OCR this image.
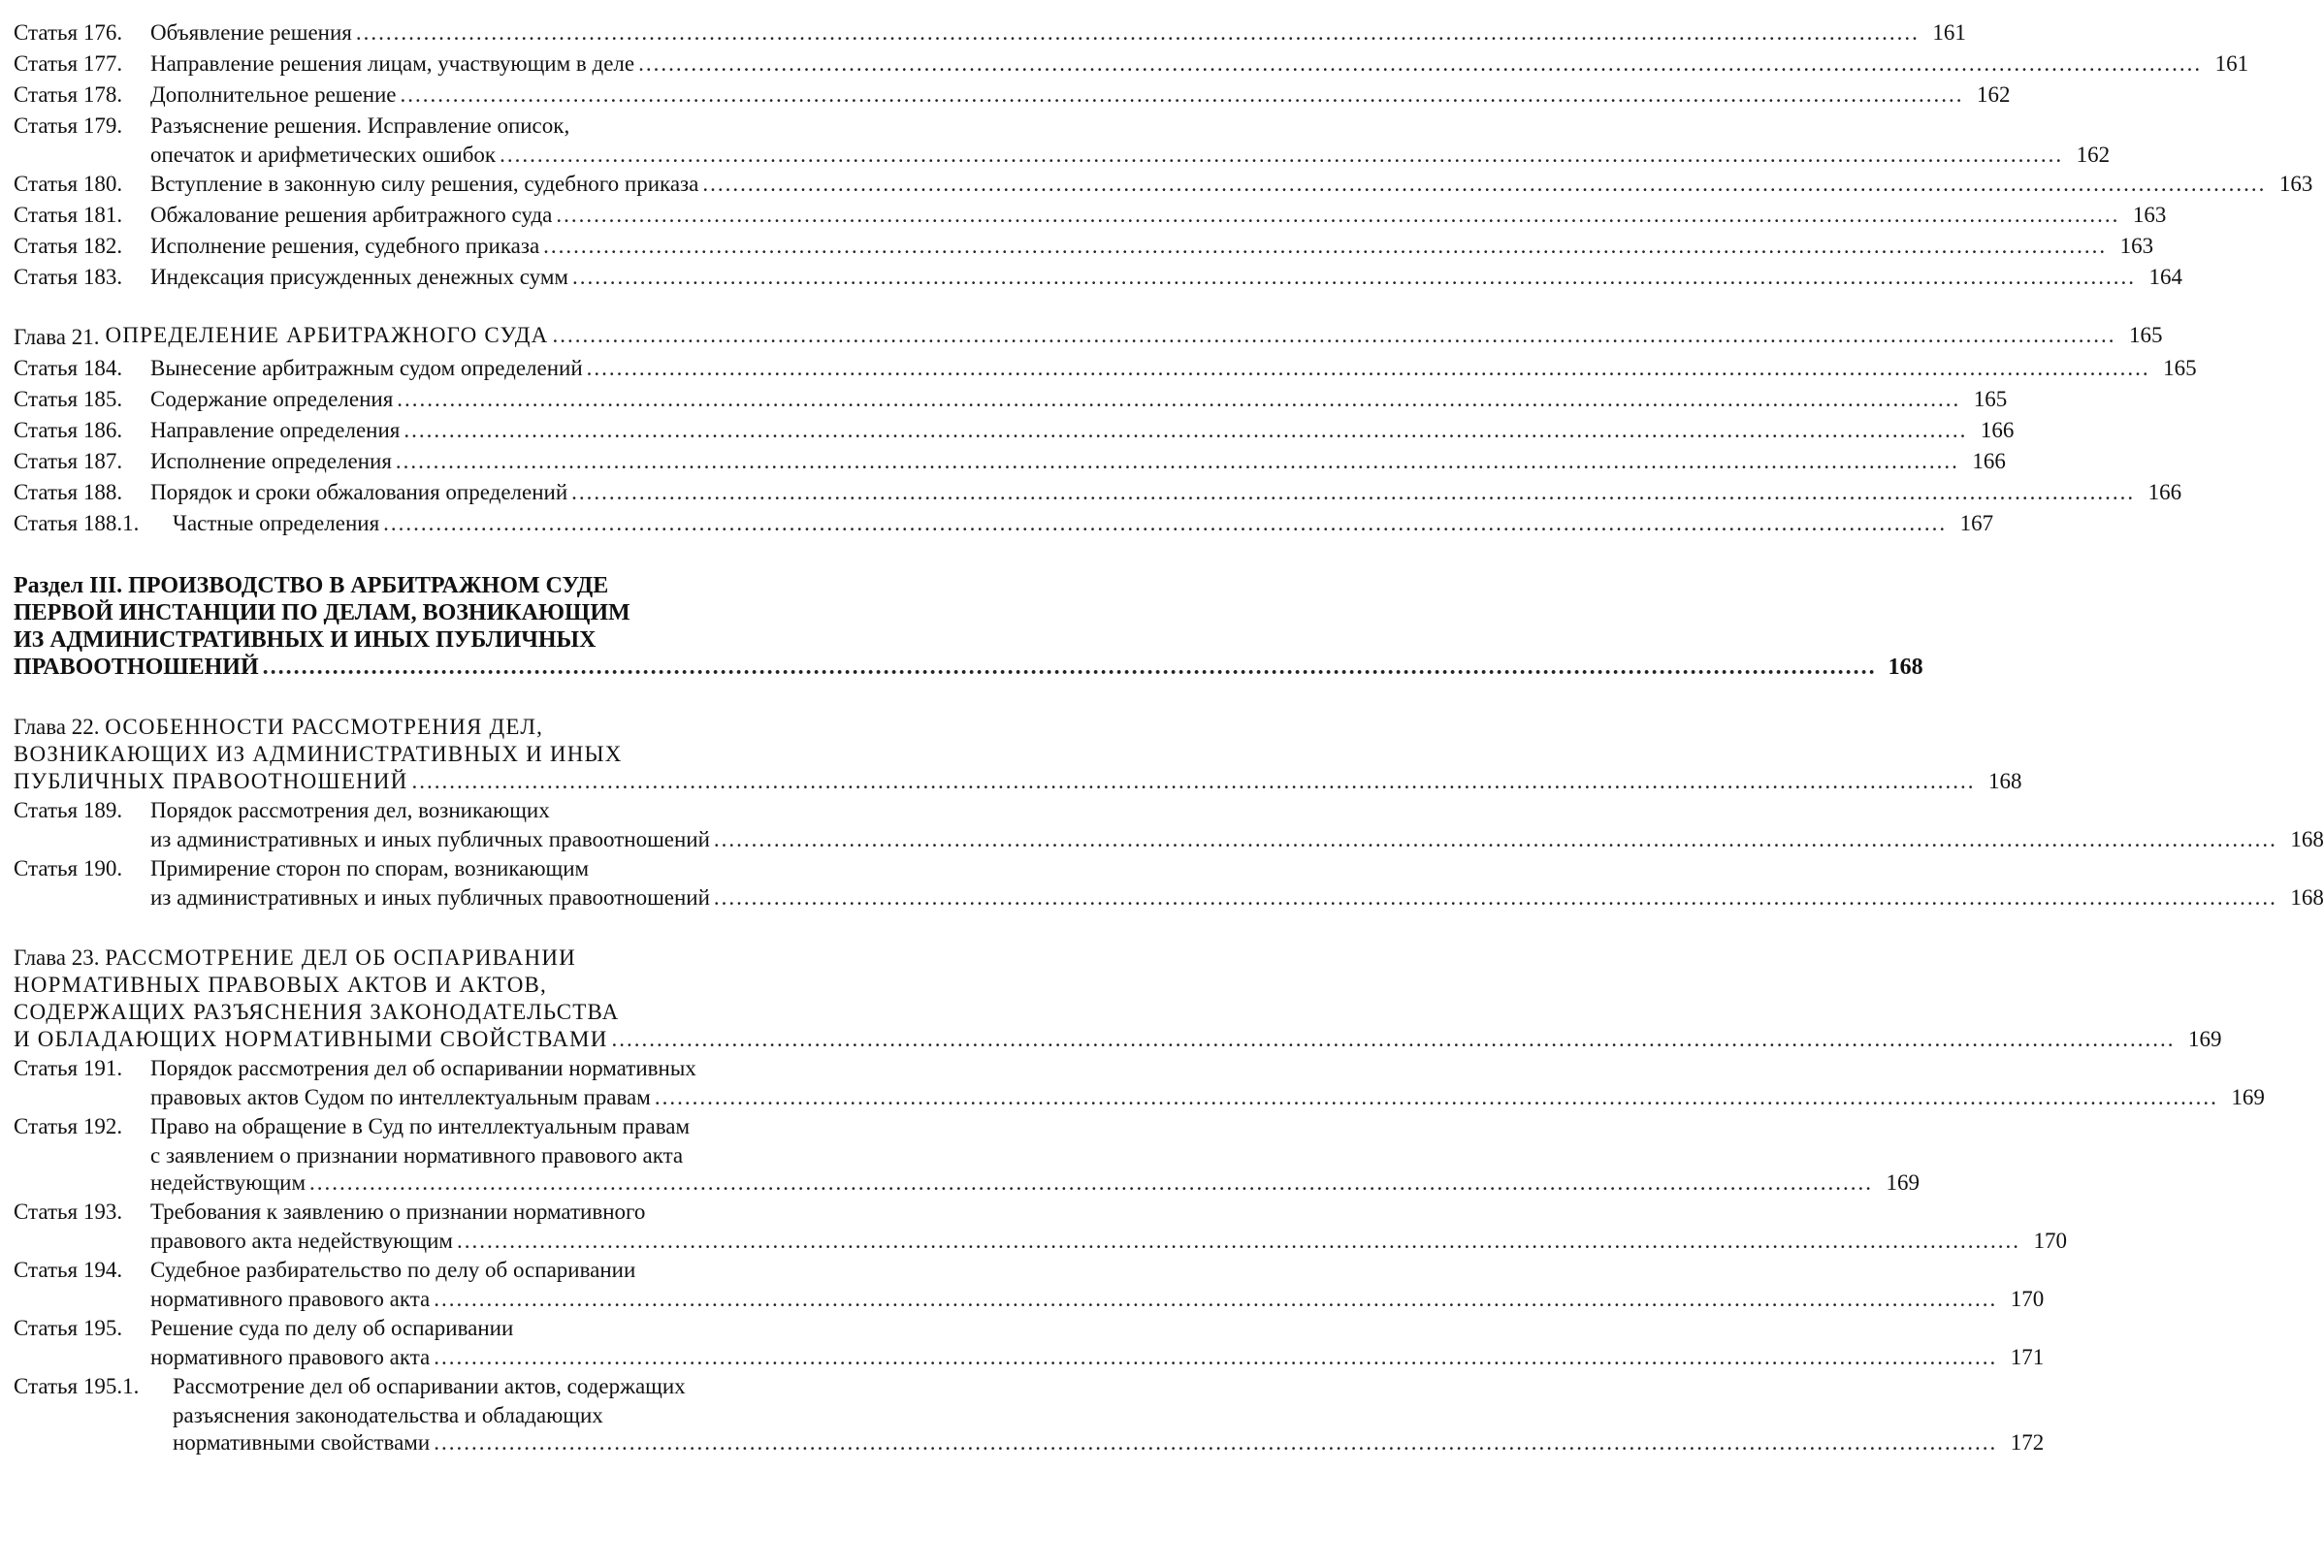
Статья 176.	Объявление решения .....	161
Статья 177.	Направление решения лицам, участвующим в деле .....	161
Статья 178.	Дополнительное решение .....	162
Статья 179.	Разъяснение решения. Исправление описок,
опечаток и арифметических ошибок .....	162
Статья 180.	Вступление в законную силу решения, судебного приказа .....	163
Статья 181.	Обжалование решения арбитражного суда .....	163
Статья 182.	Исполнение решения, судебного приказа .....	163
Статья 183.	Индексация присужденных денежных сумм .....	164
Глава 21. ОПРЕДЕЛЕНИЕ АРБИТРАЖНОГО СУДА .....	165
Статья 184.	Вынесение арбитражным судом определений .....	165
Статья 185.	Содержание определения .....	165
Статья 186.	Направление определения .....	166
Статья 187.	Исполнение определения .....	166
Статья 188.	Порядок и сроки обжалования определений .....	166
Статья 188.1.	Частные определения .....	167
Раздел III. ПРОИЗВОДСТВО В АРБИТРАЖНОМ СУДЕ
ПЕРВОЙ ИНСТАНЦИИ ПО ДЕЛАМ, ВОЗНИКАЮЩИМ
ИЗ АДМИНИСТРАТИВНЫХ И ИНЫХ ПУБЛИЧНЫХ
ПРАВООТНОШЕНИЙ .....	168
Глава 22.
ОСОБЕННОСТИ РАССМОТРЕНИЯ ДЕЛ,
ВОЗНИКАЮЩИХ ИЗ АДМИНИСТРАТИВНЫХ И ИНЫХ
ПУБЛИЧНЫХ ПРАВООТНОШЕНИЙ .....	168
Статья 189.	Порядок рассмотрения дел, возникающих
из административных и иных публичных правоотношений .....	168
Статья 190.	Примирение сторон по спорам, возникающим
из административных и иных публичных правоотношений .....	168
Глава 23.
РАССМОТРЕНИЕ ДЕЛ ОБ ОСПАРИВАНИИ
НОРМАТИВНЫХ ПРАВОВЫХ АКТОВ И АКТОВ,
СОДЕРЖАЩИХ РАЗЪЯСНЕНИЯ ЗАКОНОДАТЕЛЬСТВА
И ОБЛАДАЮЩИХ НОРМАТИВНЫМИ СВОЙСТВАМИ .....	169
Статья 191.	Порядок рассмотрения дел об оспаривании нормативных
правовых актов Судом по интеллектуальным правам .....	169
Статья 192.	Право на обращение в Суд по интеллектуальным правам
с заявлением о признании нормативного правового акта
недействующим .....	169
Статья 193.	Требования к заявлению о признании нормативного
правового акта недействующим .....	170
Статья 194.	Судебное разбирательство по делу об оспаривании
нормативного правового акта .....	170
Статья 195.	Решение суда по делу об оспаривании
нормативного правового акта .....	171
Статья 195.1.	Рассмотрение дел об оспаривании актов, содержащих
разъяснения законодательства и обладающих
нормативными свойствами .....	172
